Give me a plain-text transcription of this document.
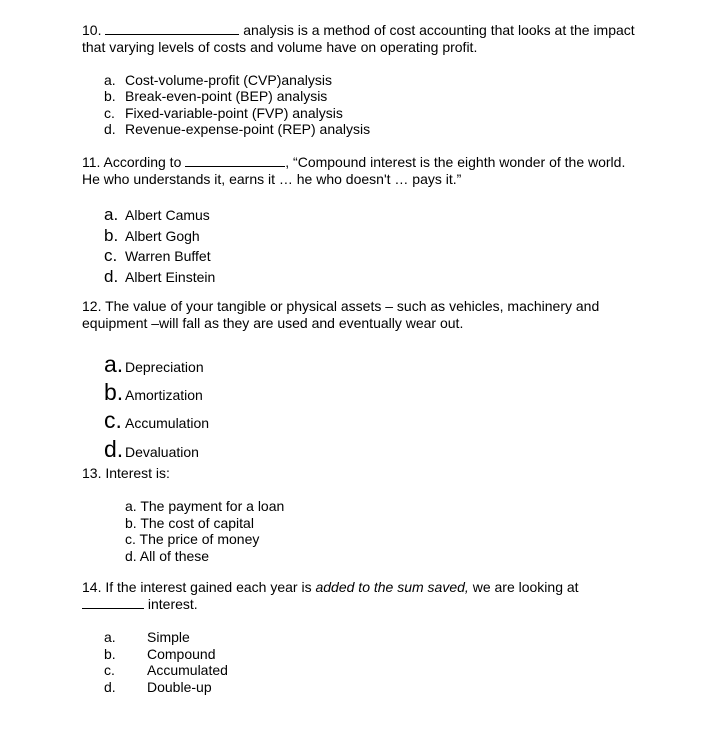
10.	analysis is a method of cost accounting that looks at the impact that varying levels of costs and volume have on operating profit.

a. Cost-volume-profit (CVP)analysis
b. Break-even-point (BEP) analysis
c. Fixed-variable-point (FVP) analysis
d. Revenue-expense-point (REP) analysis

11. According to	, “Compound interest is the eighth wonder of the world. He who understands it, earns it … he who doesn't … pays it.”

a. Albert Camus
b. Albert Gogh
c. Warren Buffet
d. Albert Einstein

12. The value of your tangible or physical assets – such as vehicles, machinery and equipment –will fall as they are used and eventually wear out.

a. Depreciation
b. Amortization
c. Accumulation
d. Devaluation

13. Interest is:

a. The payment for a loan
b. The cost of capital
c. The price of money
d. All of these

14. If the interest gained each year is added to the sum saved, we are looking at
interest.

a. Simple
b. Compound
c. Accumulated
d. Double-up
